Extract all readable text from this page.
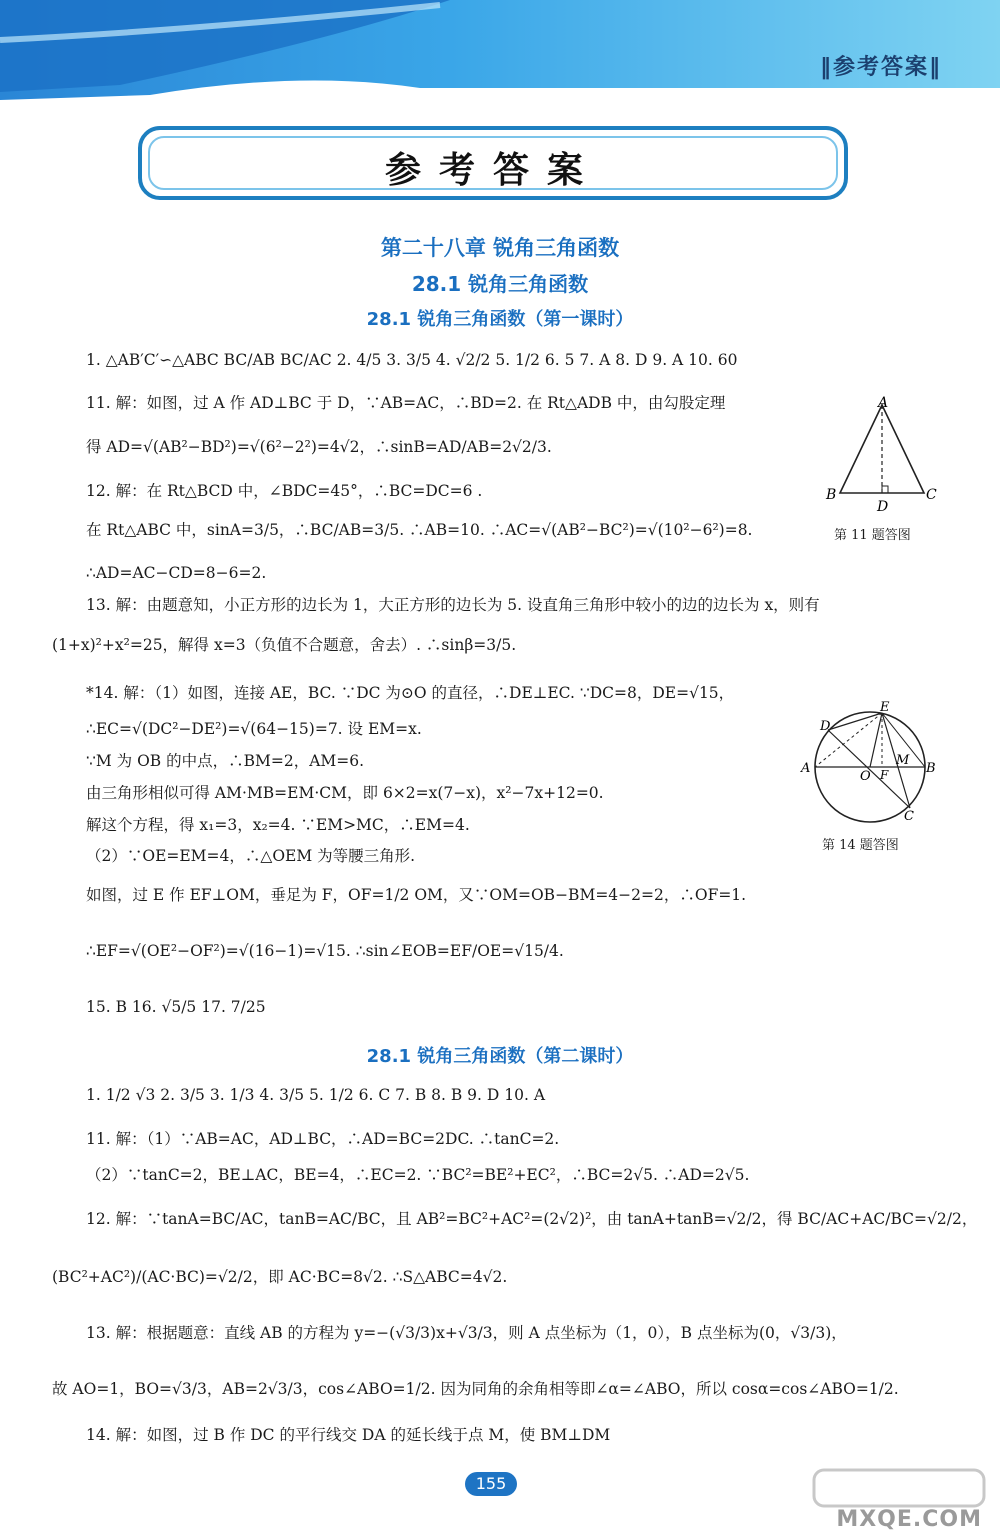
‖参考答案‖
参考答案
第二十八章 锐角三角函数
28.1 锐角三角函数
28.1 锐角三角函数（第一课时）
1. △AB′C′∽△ABC BC/AB BC/AC 2. 4/5 3. 3/5 4. √2/2 5. 1/2 6. 5 7. A 8. D 9. A 10. 60
11. 解：如图，过 A 作 AD⊥BC 于 D，∵AB=AC，∴BD=2. 在 Rt△ADB 中，由勾股定理
得 AD=√(AB²−BD²)=√(6²−2²)=4√2，∴sinB=AD/AB=2√2/3.
12. 解：在 Rt△BCD 中，∠BDC=45°，∴BC=DC=6 .
在 Rt△ABC 中，sinA=3/5，∴BC/AB=3/5. ∴AB=10. ∴AC=√(AB²−BC²)=√(10²−6²)=8.
∴AD=AC−CD=8−6=2.
13. 解：由题意知，小正方形的边长为 1，大正方形的边长为 5. 设直角三角形中较小的边的边长为 x，则有
(1+x)²+x²=25，解得 x=3（负值不合题意，舍去）. ∴sinβ=3/5.
*14. 解：（1）如图，连接 AE，BC. ∵DC 为⊙O 的直径，∴DE⊥EC. ∵DC=8，DE=√15，
∴EC=√(DC²−DE²)=√(64−15)=7. 设 EM=x.
∵M 为 OB 的中点，∴BM=2，AM=6.
由三角形相似可得 AM·MB=EM·CM，即 6×2=x(7−x)，x²−7x+12=0.
解这个方程，得 x₁=3，x₂=4. ∵EM>MC，∴EM=4.
（2）∵OE=EM=4，∴△OEM 为等腰三角形.
如图，过 E 作 EF⊥OM，垂足为 F，OF=1/2 OM，又∵OM=OB−BM=4−2=2，∴OF=1.
∴EF=√(OE²−OF²)=√(16−1)=√15. ∴sin∠EOB=EF/OE=√15/4.
15. B 16. √5/5 17. 7/25
A
B	C
D
第 11 题答图
D
E
A	B
C
O
M
F
第 14 题答图
28.1 锐角三角函数（第二课时）
1. 1/2 √3 2. 3/5 3. 1/3 4. 3/5 5. 1/2 6. C 7. B 8. B 9. D 10. A
11. 解：（1）∵AB=AC，AD⊥BC，∴AD=BC=2DC. ∴tanC=2.
（2）∵tanC=2，BE⊥AC，BE=4，∴EC=2. ∵BC²=BE²+EC²，∴BC=2√5. ∴AD=2√5.
12. 解：∵tanA=BC/AC，tanB=AC/BC，且 AB²=BC²+AC²=(2√2)²，由 tanA+tanB=√2/2，得 BC/AC+AC/BC=√2/2，
(BC²+AC²)/(AC·BC)=√2/2，即 AC·BC=8√2. ∴S△ABC=4√2.
13. 解：根据题意：直线 AB 的方程为 y=−(√3/3)x+√3/3，则 A 点坐标为（1，0），B 点坐标为(0，√3/3)，
故 AO=1，BO=√3/3，AB=2√3/3，cos∠ABO=1/2. 因为同角的余角相等即∠α=∠ABO，所以 cosα=cos∠ABO=1/2.
14. 解：如图，过 B 作 DC 的平行线交 DA 的延长线于点 M，使 BM⊥DM
155
MXQE.COM
